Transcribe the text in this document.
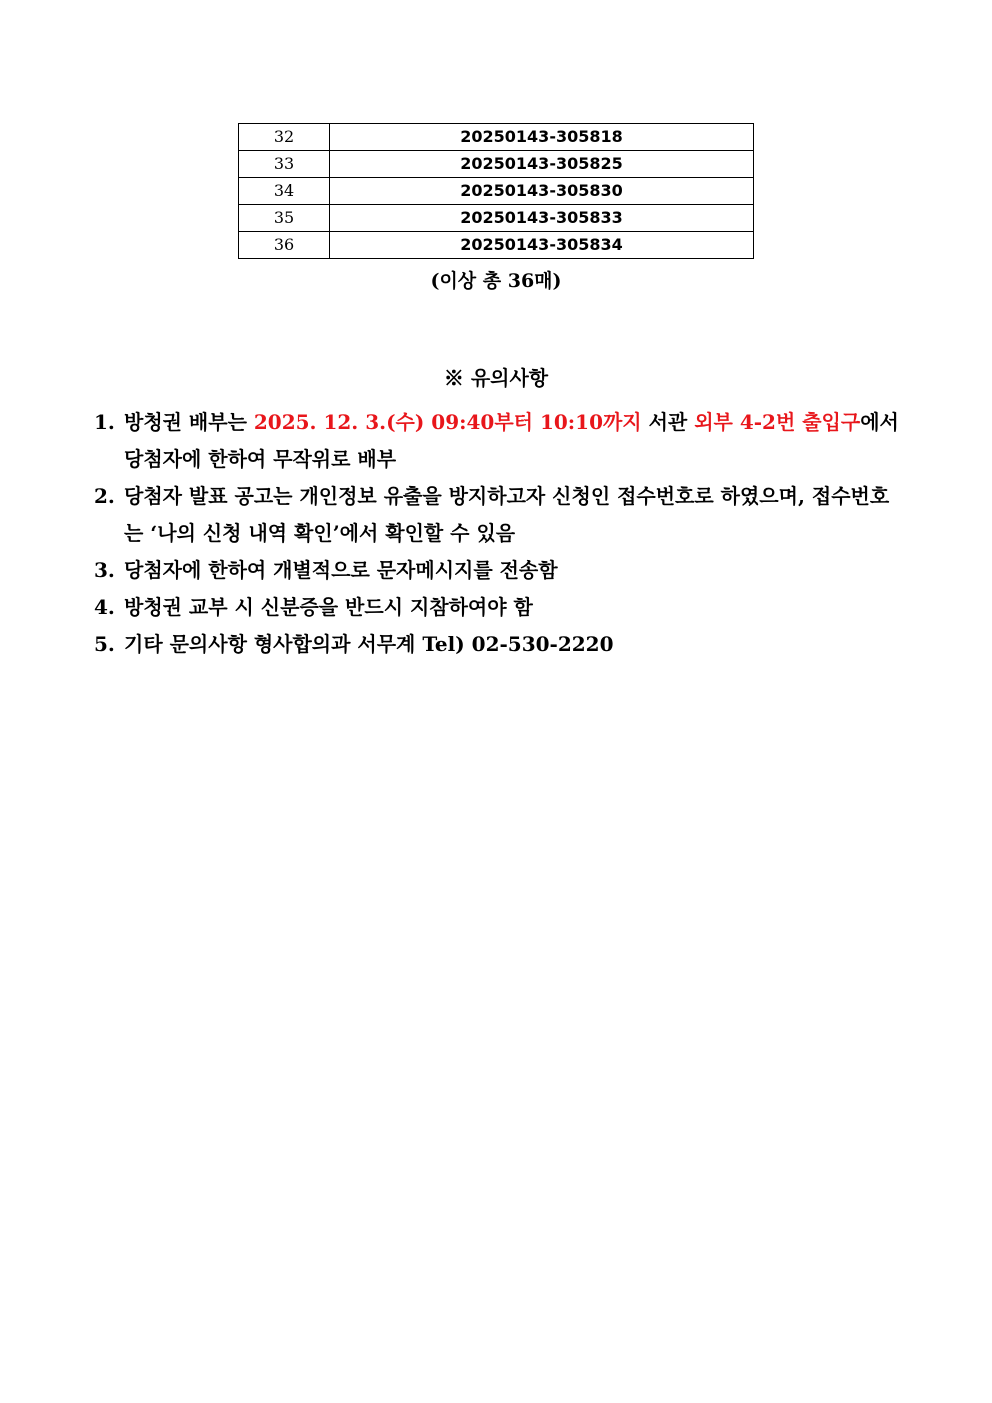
32	20250143-305818
33	20250143-305825
34	20250143-305830
35	20250143-305833
36	20250143-305834
(이상 총 36매)
※ 유의사항
1. 방청권 배부는 2025. 12. 3.(수) 09:40부터 10:10까지 서관 외부 4-2번 출입구에서 당첨자에 한하여 무작위로 배부
2. 당첨자 발표 공고는 개인정보 유출을 방지하고자 신청인 접수번호로 하였으며, 접수번호는 ‘나의 신청 내역 확인’에서 확인할 수 있음
3. 당첨자에 한하여 개별적으로 문자메시지를 전송함
4. 방청권 교부 시 신분증을 반드시 지참하여야 함
5. 기타 문의사항 형사합의과 서무계 Tel) 02-530-2220
